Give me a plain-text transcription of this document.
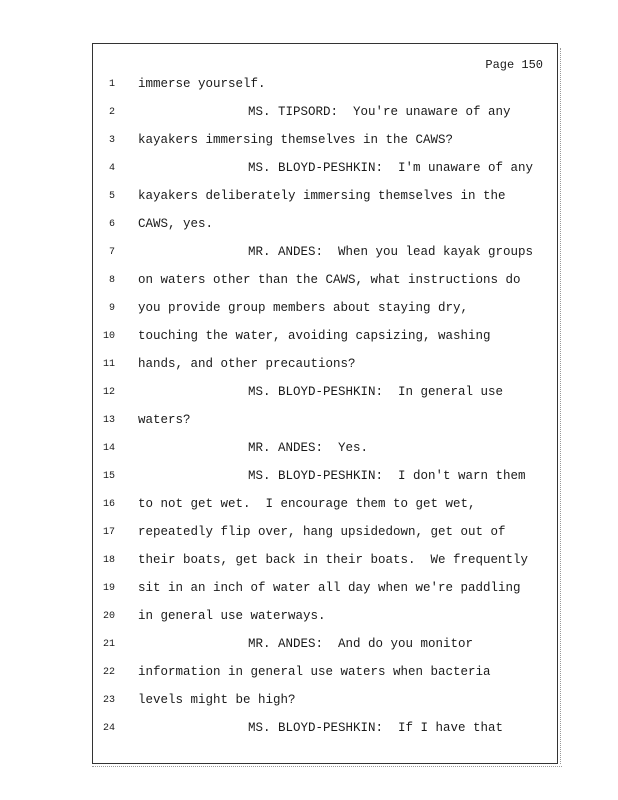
Page 150
1 immerse yourself.
2	MS. TIPSORD:  You're unaware of any
3 kayakers immersing themselves in the CAWS?
4	MS. BLOYD-PESHKIN:  I'm unaware of any
5 kayakers deliberately immersing themselves in the
6 CAWS, yes.
7	MR. ANDES:  When you lead kayak groups
8 on waters other than the CAWS, what instructions do
9 you provide group members about staying dry,
10 touching the water, avoiding capsizing, washing
11 hands, and other precautions?
12	MS. BLOYD-PESHKIN:  In general use
13 waters?
14	MR. ANDES:  Yes.
15	MS. BLOYD-PESHKIN:  I don't warn them
16 to not get wet.  I encourage them to get wet,
17 repeatedly flip over, hang upsidedown, get out of
18 their boats, get back in their boats.  We frequently
19 sit in an inch of water all day when we're paddling
20 in general use waterways.
21	MR. ANDES:  And do you monitor
22 information in general use waters when bacteria
23 levels might be high?
24	MS. BLOYD-PESHKIN:  If I have that
